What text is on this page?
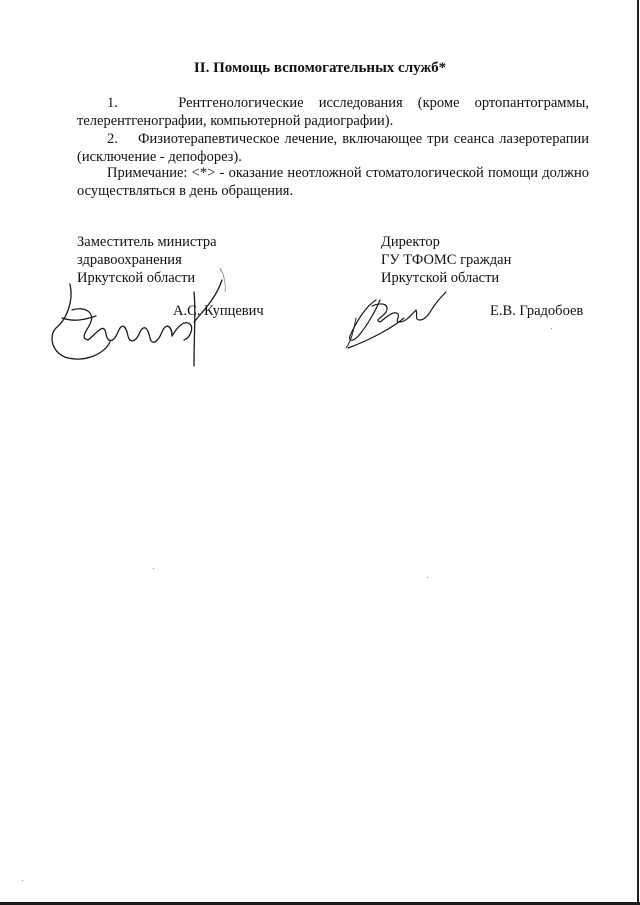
II. Помощь вспомогательных служб*

1.	Рентгенологические исследования (кроме ортопантограммы, телерентгенографии, компьютерной радиографии).

2. Физиотерапевтическое лечение, включающее три сеанса лазеротерапии (исключение - депофорез).

Примечание: <*> - оказание неотложной стоматологической помощи должно осуществляться в день обращения.

Заместитель министра
здравоохранения
Иркутской области
Директор
ГУ ТФОМС граждан
Иркутской области
А.С. Купцевич	Е.В. Градобоев
